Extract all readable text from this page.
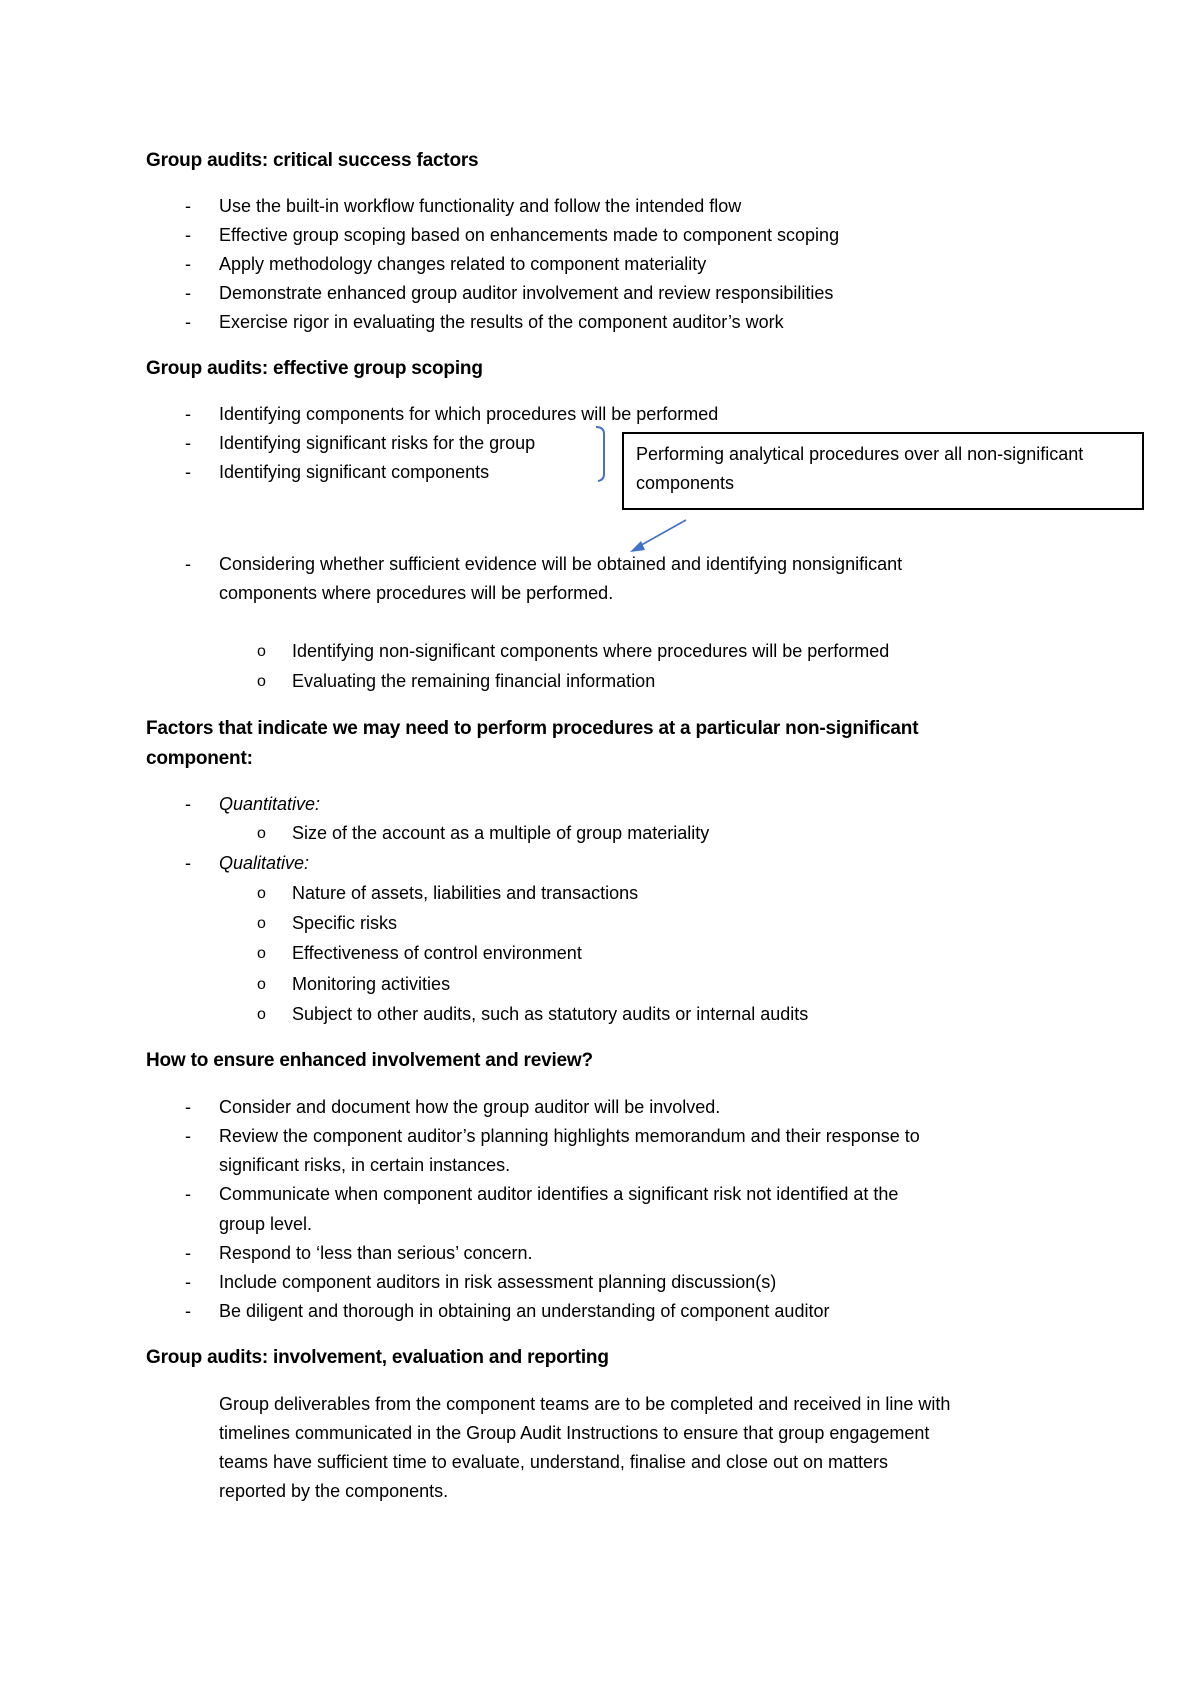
Group audits: critical success factors
- Use the built-in workflow functionality and follow the intended flow
- Effective group scoping based on enhancements made to component scoping
- Apply methodology changes related to component materiality
- Demonstrate enhanced group auditor involvement and review responsibilities
- Exercise rigor in evaluating the results of the component auditor’s work
Group audits: effective group scoping
- Identifying components for which procedures will be performed
- Identifying significant risks for the group
- Identifying significant components
Performing analytical procedures over all non-significant components
- Considering whether sufficient evidence will be obtained and identifying nonsignificant
components where procedures will be performed.
o Identifying non-significant components where procedures will be performed
o Evaluating the remaining financial information
Factors that indicate we may need to perform procedures at a particular non-significant
component:
- Quantitative:
o Size of the account as a multiple of group materiality
- Qualitative:
o Nature of assets, liabilities and transactions
o Specific risks
o Effectiveness of control environment
o Monitoring activities
o Subject to other audits, such as statutory audits or internal audits
How to ensure enhanced involvement and review?
- Consider and document how the group auditor will be involved.
- Review the component auditor’s planning highlights memorandum and their response to
significant risks, in certain instances.
- Communicate when component auditor identifies a significant risk not identified at the
group level.
- Respond to ‘less than serious’ concern.
- Include component auditors in risk assessment planning discussion(s)
- Be diligent and thorough in obtaining an understanding of component auditor
Group audits: involvement, evaluation and reporting
Group deliverables from the component teams are to be completed and received in line with
timelines communicated in the Group Audit Instructions to ensure that group engagement
teams have sufficient time to evaluate, understand, finalise and close out on matters
reported by the components.
